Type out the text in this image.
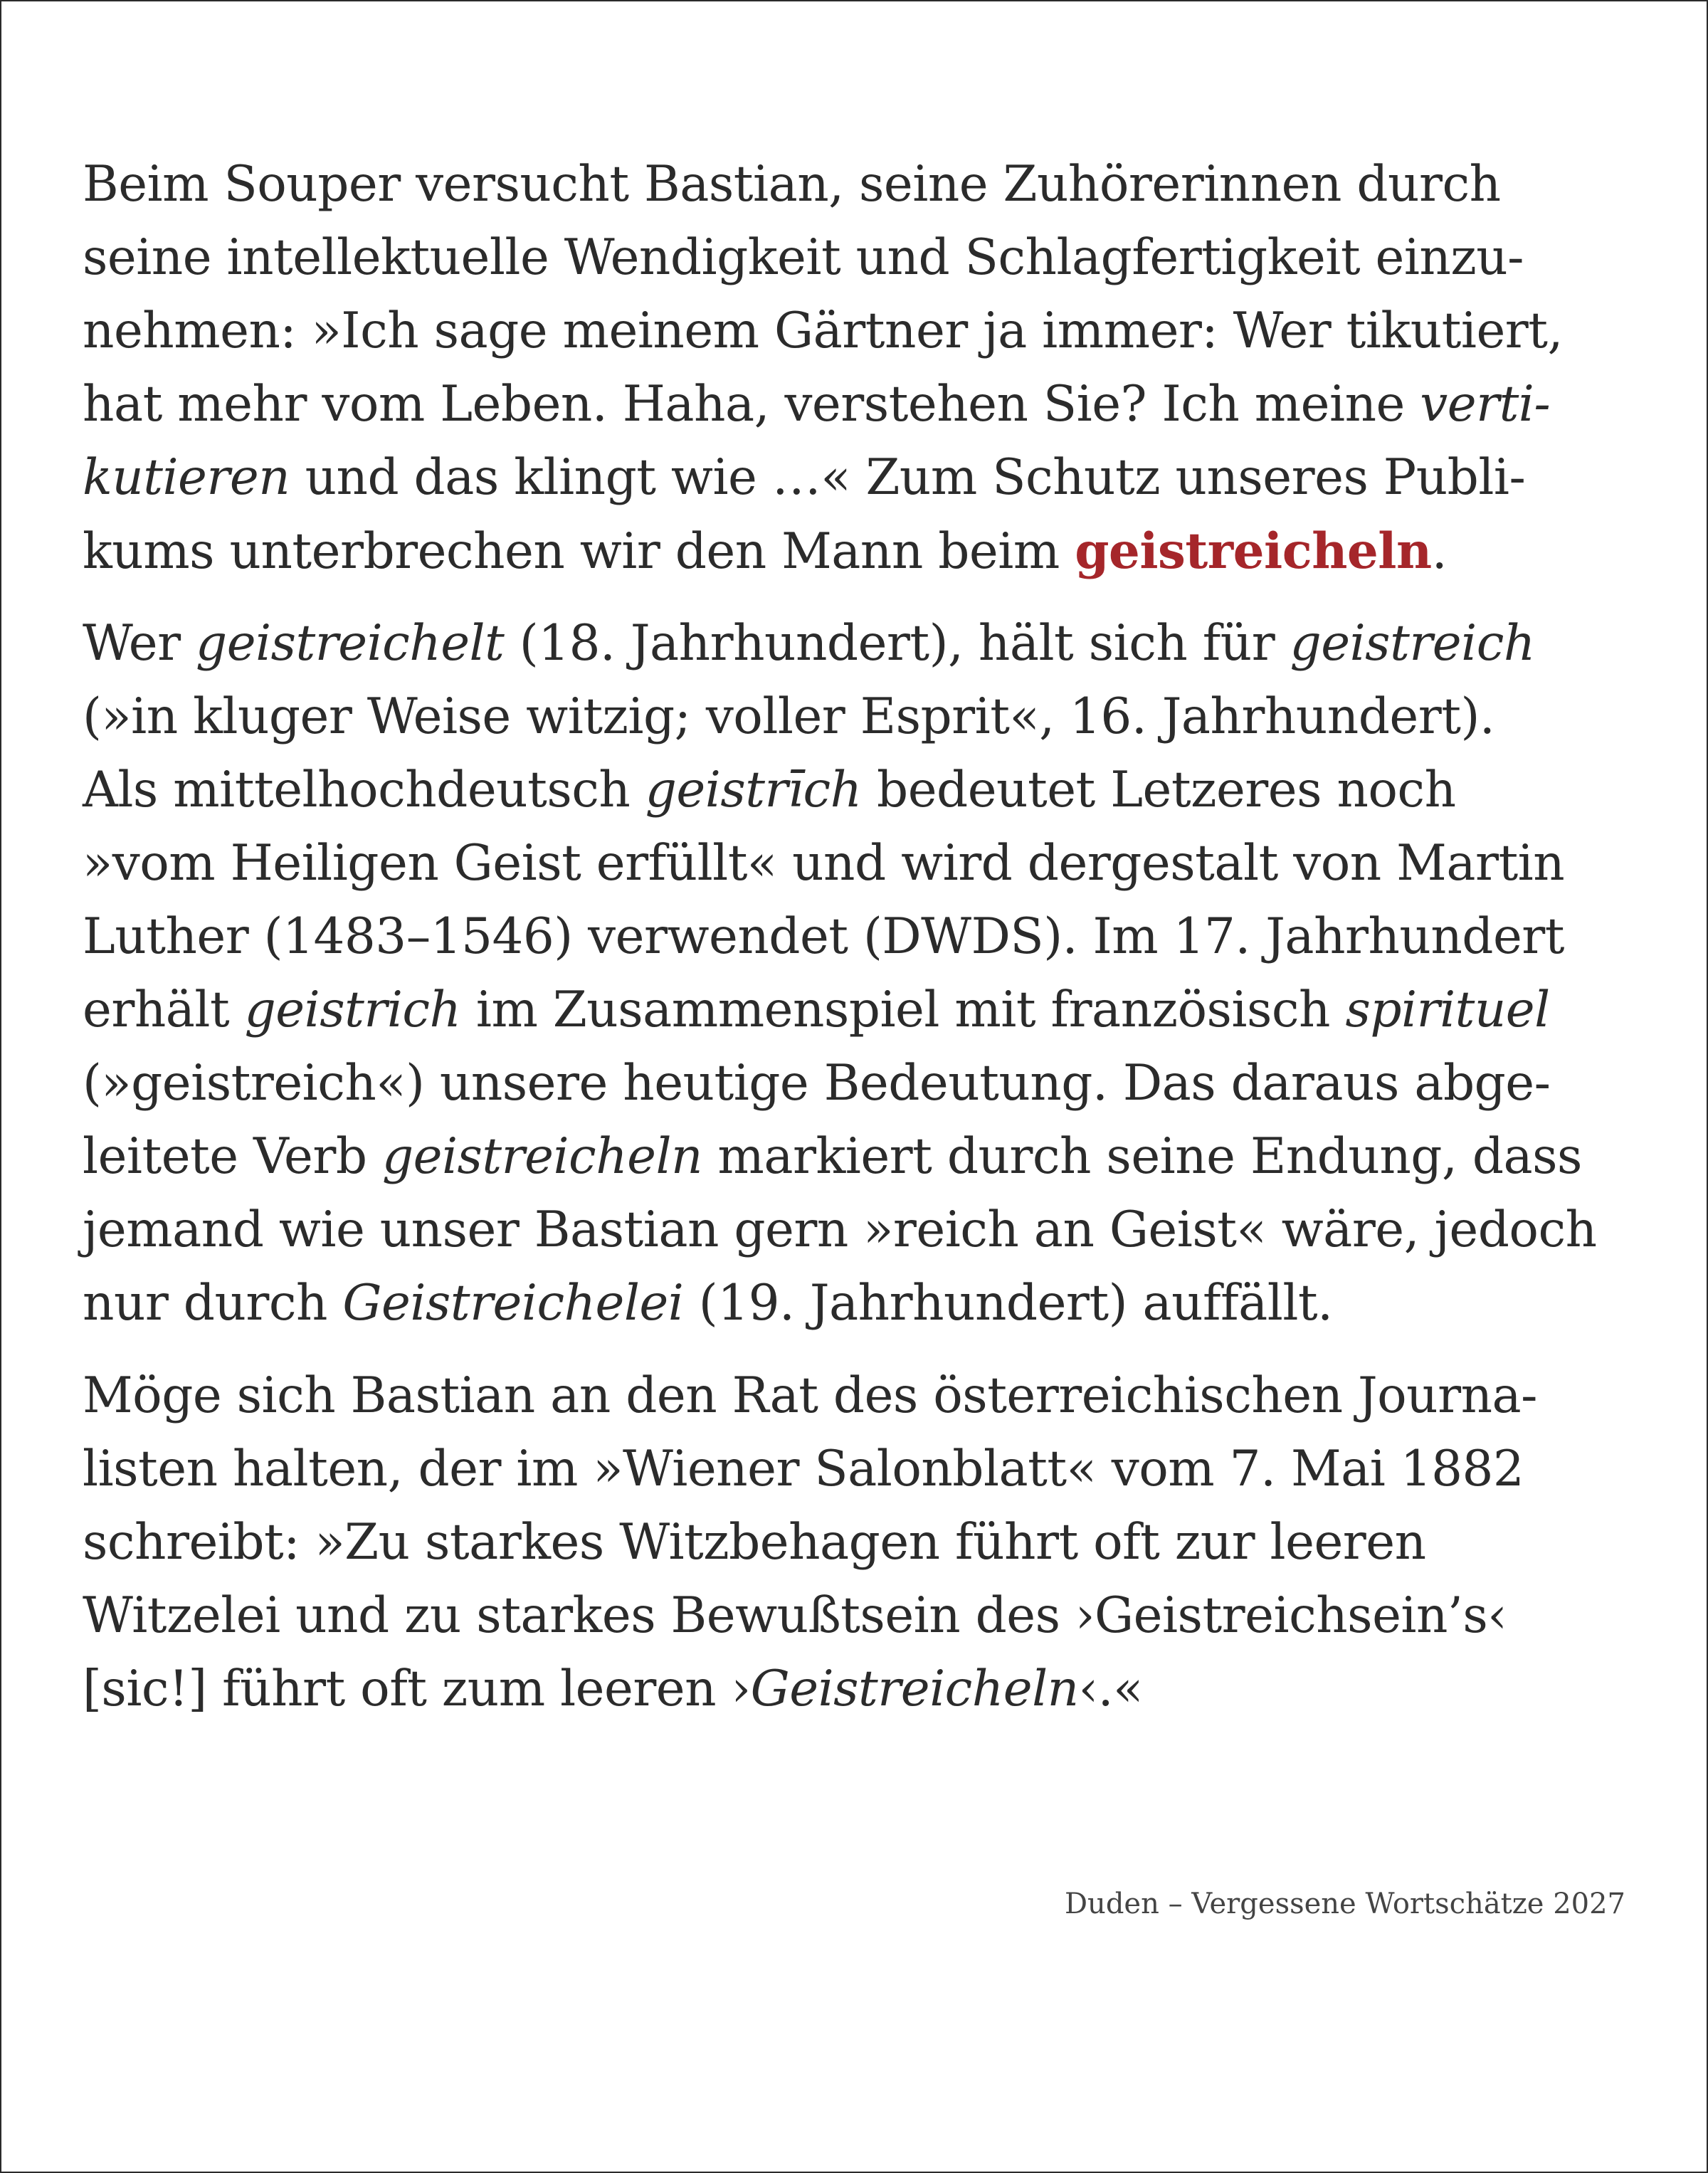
Beim Souper versucht Bastian, seine Zuhörerinnen durch
seine intellektuelle Wendigkeit und Schlagfertigkeit einzu-
nehmen: »Ich sage meinem Gärtner ja immer: Wer tikutiert,
hat mehr vom Leben. Haha, verstehen Sie? Ich meine verti-
kutieren und das klingt wie …« Zum Schutz unseres Publi-
kums unterbrechen wir den Mann beim geistreicheln.
Wer geistreichelt (18. Jahrhundert), hält sich für geistreich
(»in kluger Weise witzig; voller Esprit«, 16. Jahrhundert).
Als mittelhochdeutsch geistrīch bedeutet Letzeres noch
»vom Heiligen Geist erfüllt« und wird dergestalt von Martin
Luther (1483–1546) verwendet (DWDS). Im 17. Jahrhundert
erhält geistrich im Zusammenspiel mit französisch spirituel
(»geistreich«) unsere heutige Bedeutung. Das daraus abge-
leitete Verb geistreicheln markiert durch seine Endung, dass
jemand wie unser Bastian gern »reich an Geist« wäre, jedoch
nur durch Geistreichelei (19. Jahrhundert) auffällt.
Möge sich Bastian an den Rat des österreichischen Journa-
listen halten, der im »Wiener Salonblatt« vom 7. Mai 1882
schreibt: »Zu starkes Witzbehagen führt oft zur leeren
Witzelei und zu starkes Bewußtsein des ›Geistreichsein’s‹
[sic!] führt oft zum leeren ›Geistreicheln‹.«
Duden – Vergessene Wortschätze 2027
